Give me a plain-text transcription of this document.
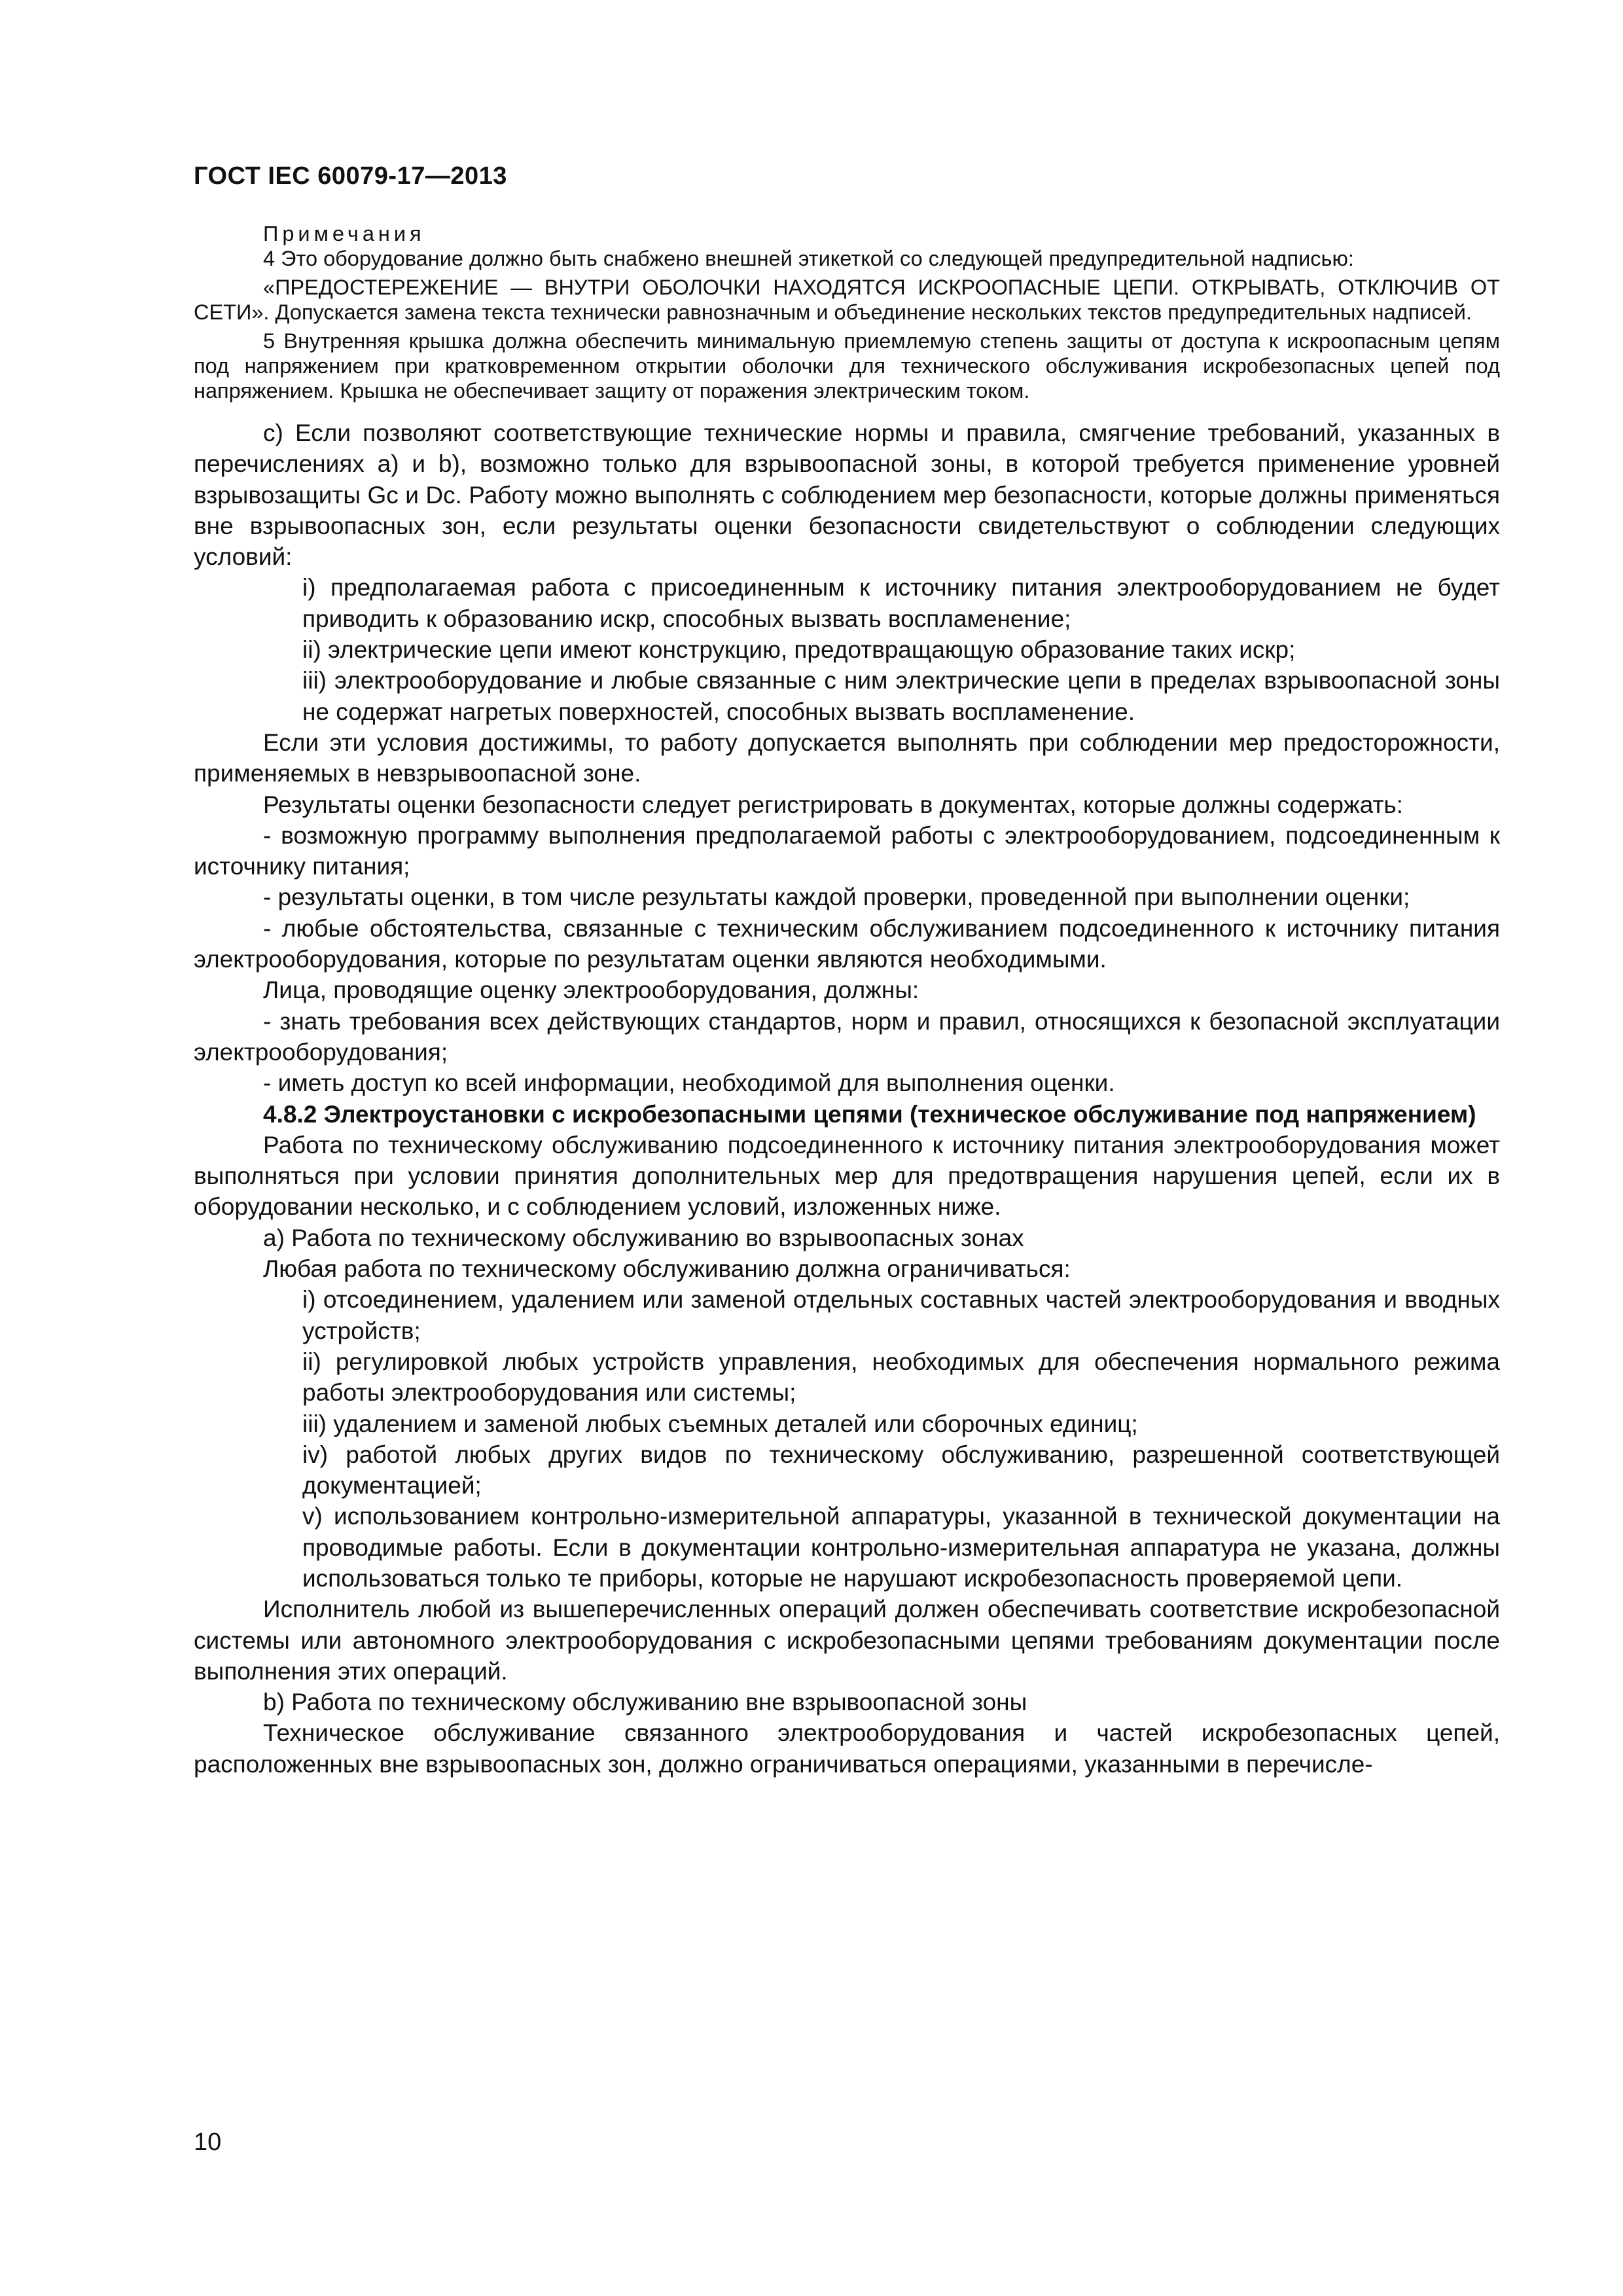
ГОСТ IEC 60079-17—2013

Примечания

4 Это оборудование должно быть снабжено внешней этикеткой со следующей предупредительной надписью:

«ПРЕДОСТЕРЕЖЕНИЕ — ВНУТРИ ОБОЛОЧКИ НАХОДЯТСЯ ИСКРООПАСНЫЕ ЦЕПИ. ОТКРЫВАТЬ, ОТКЛЮЧИВ ОТ СЕТИ». Допускается замена текста технически равнозначным и объединение нескольких текстов предупредительных надписей.

5 Внутренняя крышка должна обеспечить минимальную приемлемую степень защиты от доступа к искроопасным цепям под напряжением при кратковременном открытии оболочки для технического обслуживания искробезопасных цепей под напряжением. Крышка не обеспечивает защиту от поражения электрическим током.

c) Если позволяют соответствующие технические нормы и правила, смягчение требований, указанных в перечислениях a) и b), возможно только для взрывоопасной зоны, в которой требуется применение уровней взрывозащиты Gc и Dc. Работу можно выполнять с соблюдением мер безопасности, которые должны применяться вне взрывоопасных зон, если результаты оценки безопасности свидетельствуют о соблюдении следующих условий:

i) предполагаемая работа с присоединенным к источнику питания электрооборудованием не будет приводить к образованию искр, способных вызвать воспламенение;

ii) электрические цепи имеют конструкцию, предотвращающую образование таких искр;

iii) электрооборудование и любые связанные с ним электрические цепи в пределах взрывоопасной зоны не содержат нагретых поверхностей, способных вызвать воспламенение.

Если эти условия достижимы, то работу допускается выполнять при соблюдении мер предосторожности, применяемых в невзрывоопасной зоне.

Результаты оценки безопасности следует регистрировать в документах, которые должны содержать:

- возможную программу выполнения предполагаемой работы с электрооборудованием, подсоединенным к источнику питания;

- результаты оценки, в том числе результаты каждой проверки, проведенной при выполнении оценки;

- любые обстоятельства, связанные с техническим обслуживанием подсоединенного к источнику питания электрооборудования, которые по результатам оценки являются необходимыми.

Лица, проводящие оценку электрооборудования, должны:

- знать требования всех действующих стандартов, норм и правил, относящихся к безопасной эксплуатации электрооборудования;

- иметь доступ ко всей информации, необходимой для выполнения оценки.

4.8.2 Электроустановки с искробезопасными цепями (техническое обслуживание под напряжением)

Работа по техническому обслуживанию подсоединенного к источнику питания электрооборудования может выполняться при условии принятия дополнительных мер для предотвращения нарушения цепей, если их в оборудовании несколько, и с соблюдением условий, изложенных ниже.

a) Работа по техническому обслуживанию во взрывоопасных зонах

Любая работа по техническому обслуживанию должна ограничиваться:

i) отсоединением, удалением или заменой отдельных составных частей электрооборудования и вводных устройств;

ii) регулировкой любых устройств управления, необходимых для обеспечения нормального режима работы электрооборудования или системы;

iii) удалением и заменой любых съемных деталей или сборочных единиц;

iv) работой любых других видов по техническому обслуживанию, разрешенной соответствующей документацией;

v) использованием контрольно-измерительной аппаратуры, указанной в технической документации на проводимые работы. Если в документации контрольно-измерительная аппаратура не указана, должны использоваться только те приборы, которые не нарушают искробезопасность проверяемой цепи.

Исполнитель любой из вышеперечисленных операций должен обеспечивать соответствие искробезопасной системы или автономного электрооборудования с искробезопасными цепями требованиям документации после выполнения этих операций.

b) Работа по техническому обслуживанию вне взрывоопасной зоны

Техническое обслуживание связанного электрооборудования и частей искробезопасных цепей, расположенных вне взрывоопасных зон, должно ограничиваться операциями, указанными в перечисле-

10
